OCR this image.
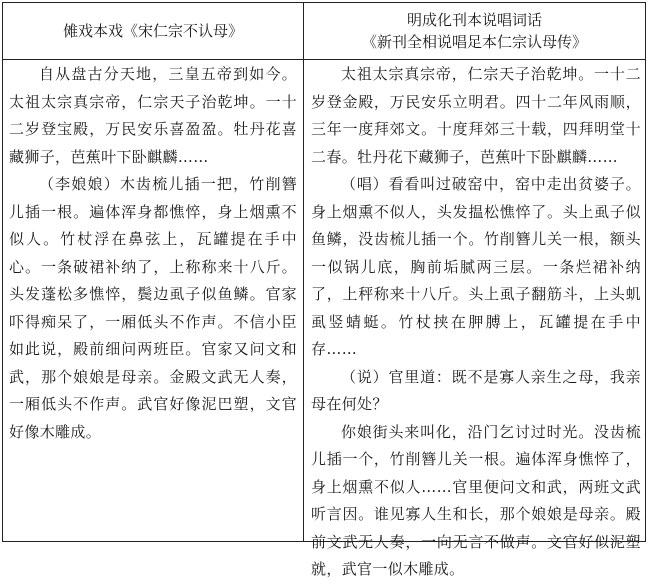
傩戏本戏《宋仁宗不认母》
明成化刊本说唱词话
《新刊全相说唱足本仁宗认母传》

自从盘古分天地，三皇五帝到如今。太祖太宗真宗帝，仁宗天子治乾坤。一十二岁登宝殿，万民安乐喜盈盈。牡丹花喜藏狮子，芭蕉叶下卧麒麟……

（李娘娘）木齿梳儿插一把，竹削簪儿插一根。遍体浑身都憔悴，身上烟熏不似人。竹杖浮在鼻弦上，瓦罐提在手中心。一条破裙补纳了，上称称来十八斤。头发蓬松多憔悴，鬓边虱子似鱼鳞。官家吓得痴呆了，一厢低头不作声。不信小臣如此说，殿前细问两班臣。官家又问文和武，那个娘娘是母亲。金殿文武无人奏，一厢低头不作声。武官好像泥巴塑，文官好像木雕成。

太祖太宗真宗帝，仁宗天子治乾坤。一十二岁登金殿，万民安乐立明君。四十二年风雨顺，三年一度拜郊文。十度拜郊三十载，四拜明堂十二春。牡丹花下藏狮子，芭蕉叶下卧麒麟……

（唱）看看叫过破窑中，窑中走出贫婆子。身上烟熏不似人，头发揾松憔悴了。头上虱子似鱼鳞，没齿梳儿插一个。竹削簪儿关一根，额头一似锅儿底，胸前垢腻两三层。一条烂裙补纳了，上秤称来十八斤。头上虱子翻筋斗，上头虮虱竖蜻蜓。竹杖挟在胛膊上，瓦罐提在手中存……

（说）官里道：既不是寡人亲生之母，我亲母在何处？

你娘街头来叫化，沿门乞讨过时光。没齿梳儿插一个，竹削簪儿关一根。遍体浑身憔悴了，身上烟熏不似人……官里便问文和武，两班文武听言因。谁见寡人生和长，那个娘娘是母亲。殿前文武无人奏，一向无言不做声。文官好似泥塑就，武官一似木雕成。
